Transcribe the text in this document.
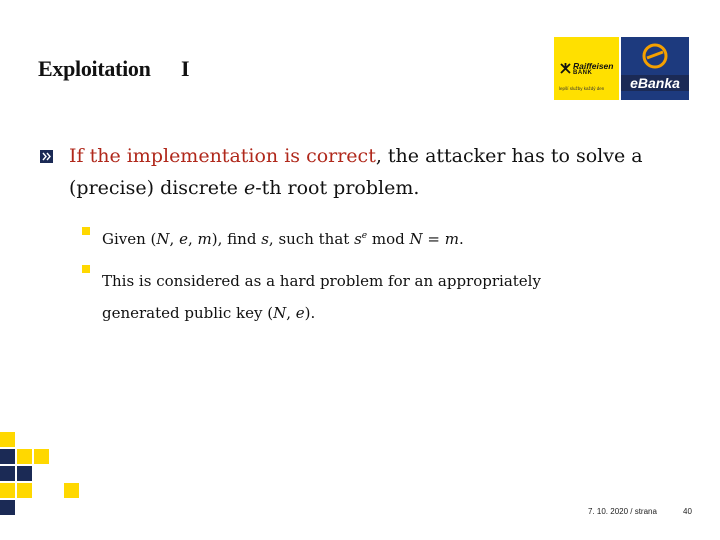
Exploitation I	Raiffeisen
BANK
lepší služby každý den	eBanka
If the implementation is correct, the attacker has to solve a
(precise) discrete e-th root problem.
Given (N, e, m), find s, such that $s^e$ mod N = m.
This is considered as a hard problem for an appropriately
generated public key (N, e).
7. 10. 2020 / strana	40
